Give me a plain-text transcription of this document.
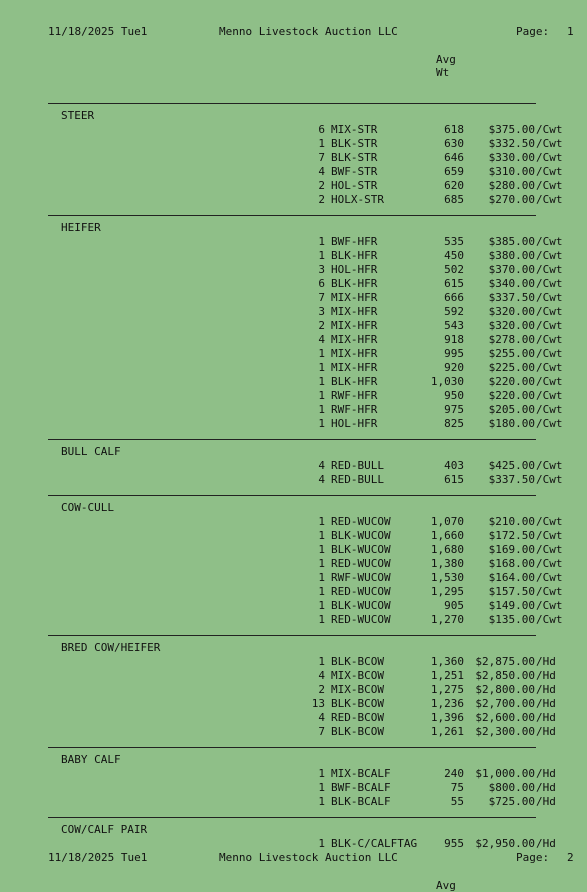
11/18/2025 Tue1	Menno Livestock Auction LLC	Page: 1
Avg
Wt
STEER
6 MIX-STR	618 $375.00 /Cwt
1 BLK-STR	630 $332.50 /Cwt
7 BLK-STR	646 $330.00 /Cwt
4 BWF-STR	659 $310.00 /Cwt
2 HOL-STR	620 $280.00 /Cwt
2 HOLX-STR	685 $270.00 /Cwt
HEIFER
1 BWF-HFR	535 $385.00 /Cwt
1 BLK-HFR	450 $380.00 /Cwt
3 HOL-HFR	502 $370.00 /Cwt
6 BLK-HFR	615 $340.00 /Cwt
7 MIX-HFR	666 $337.50 /Cwt
3 MIX-HFR	592 $320.00 /Cwt
2 MIX-HFR	543 $320.00 /Cwt
4 MIX-HFR	918 $278.00 /Cwt
1 MIX-HFR	995 $255.00 /Cwt
1 MIX-HFR	920 $225.00 /Cwt
1 BLK-HFR	1,030 $220.00 /Cwt
1 RWF-HFR	950 $220.00 /Cwt
1 RWF-HFR	975 $205.00 /Cwt
1 HOL-HFR	825 $180.00 /Cwt
BULL CALF
4 RED-BULL	403 $425.00 /Cwt
4 RED-BULL	615 $337.50 /Cwt
COW-CULL
1 RED-WUCOW	1,070 $210.00 /Cwt
1 BLK-WUCOW	1,660 $172.50 /Cwt
1 BLK-WUCOW	1,680 $169.00 /Cwt
1 RED-WUCOW	1,380 $168.00 /Cwt
1 RWF-WUCOW	1,530 $164.00 /Cwt
1 RED-WUCOW	1,295 $157.50 /Cwt
1 BLK-WUCOW	905 $149.00 /Cwt
1 RED-WUCOW	1,270 $135.00 /Cwt
BRED COW/HEIFER
1 BLK-BCOW	1,360 $2,875.00 /Hd
4 MIX-BCOW	1,251 $2,850.00 /Hd
2 MIX-BCOW	1,275 $2,800.00 /Hd
13 BLK-BCOW	1,236 $2,700.00 /Hd
4 RED-BCOW	1,396 $2,600.00 /Hd
7 BLK-BCOW	1,261 $2,300.00 /Hd
BABY CALF
1 MIX-BCALF	240 $1,000.00 /Hd
1 BWF-BCALF	75 $800.00 /Hd
1 BLK-BCALF	55 $725.00 /Hd
COW/CALF PAIR
1 BLK-C/CALFTAG 955 $2,950.00 /Hd
11/18/2025 Tue1	Menno Livestock Auction LLC	Page: 2
Avg
